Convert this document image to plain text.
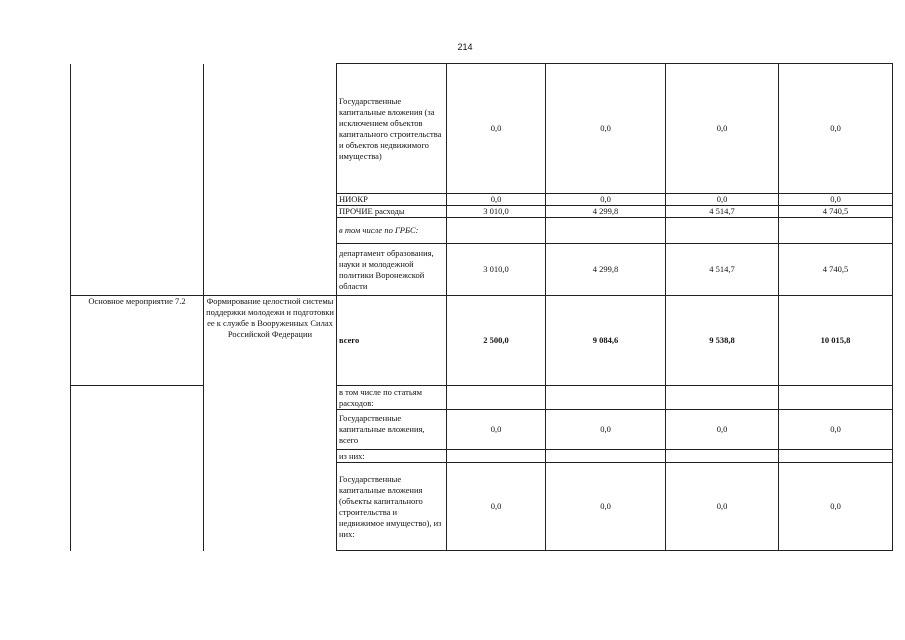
214
		Государственные капитальные вложения (за исключением объектов капитального строительства и объектов недвижимого имущества)	0,0	0,0	0,0	0,0
		НИОКР	0,0	0,0	0,0	0,0
		ПРОЧИЕ расходы	3 010,0	4 299,8	4 514,7	4 740,5
		в том числе по ГРБС:				
		департамент образования, науки и молодежной политики Воронежской области	3 010,0	4 299,8	4 514,7	4 740,5
Основное мероприятие 7.2	Формирование целостной системы поддержки молодежи и подготовки ее к службе в Вооруженных Силах Российской Федерации	всего	2 500,0	9 084,6	9 538,8	10 015,8
		в том числе по статьям расходов:				
		Государственные капитальные вложения, всего	0,0	0,0	0,0	0,0
		из них:				
		Государственные капитальные вложения (объекты капитального строительства и недвижимое имущество), из них:	0,0	0,0	0,0	0,0
